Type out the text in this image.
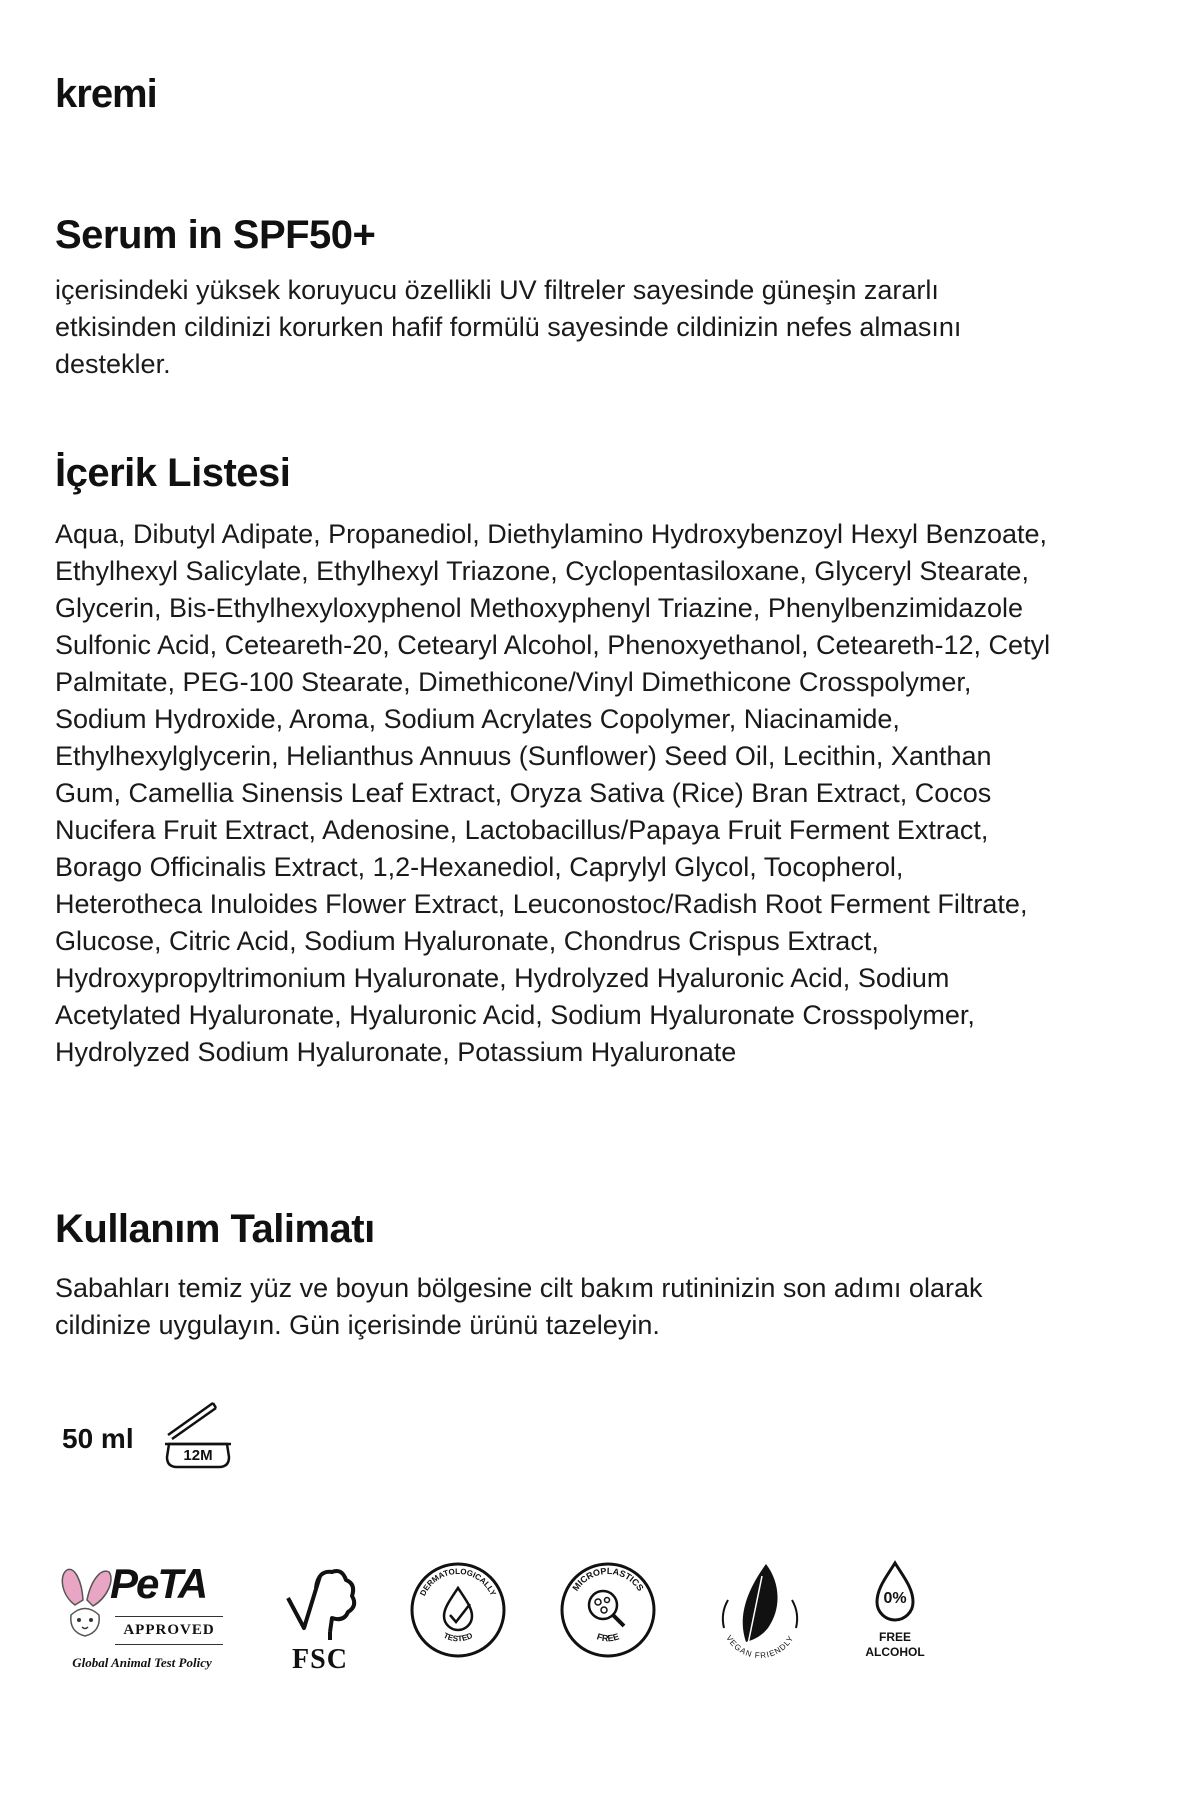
kremi
Serum in SPF50+

içerisindeki yüksek koruyucu özellikli UV filtreler sayesinde güneşin zararlı etkisinden cildinizi korurken hafif formülü sayesinde cildinizin nefes almasını destekler.

İçerik Listesi

Aqua, Dibutyl Adipate, Propanediol, Diethylamino Hydroxybenzoyl Hexyl Benzoate, Ethylhexyl Salicylate, Ethylhexyl Triazone, Cyclopentasiloxane, Glyceryl Stearate, Glycerin, Bis-Ethylhexyloxyphenol Methoxyphenyl Triazine, Phenylbenzimidazole Sulfonic Acid, Ceteareth-20, Cetearyl Alcohol, Phenoxyethanol, Ceteareth-12, Cetyl Palmitate, PEG-100 Stearate, Dimethicone/Vinyl Dimethicone Crosspolymer, Sodium Hydroxide, Aroma, Sodium Acrylates Copolymer, Niacinamide, Ethylhexylglycerin, Helianthus Annuus (Sunflower) Seed Oil, Lecithin, Xanthan Gum, Camellia Sinensis Leaf Extract, Oryza Sativa (Rice) Bran Extract, Cocos Nucifera Fruit Extract, Adenosine, Lactobacillus/Papaya Fruit Ferment Extract, Borago Officinalis Extract, 1,2-Hexanediol, Caprylyl Glycol, Tocopherol, Heterotheca Inuloides Flower Extract, Leuconostoc/Radish Root Ferment Filtrate, Glucose, Citric Acid, Sodium Hyaluronate, Chondrus Crispus Extract, Hydroxypropyltrimonium Hyaluronate, Hydrolyzed Hyaluronic Acid, Sodium Acetylated Hyaluronate, Hyaluronic Acid, Sodium Hyaluronate Crosspolymer, Hydrolyzed Sodium Hyaluronate, Potassium Hyaluronate

Kullanım Talimatı

Sabahları temiz yüz ve boyun bölgesine cilt bakım rutininizin son adımı olarak cildinize uygulayın. Gün içerisinde ürünü tazeleyin.

50 ml
12M
PeTA
APPROVED
Global Animal Test Policy	FSC
DERMATOLOGICALLY
TESTED
MICROPLASTICS
FREE	VEGAN FRIENDLY
0%
FREE
ALCOHOL
